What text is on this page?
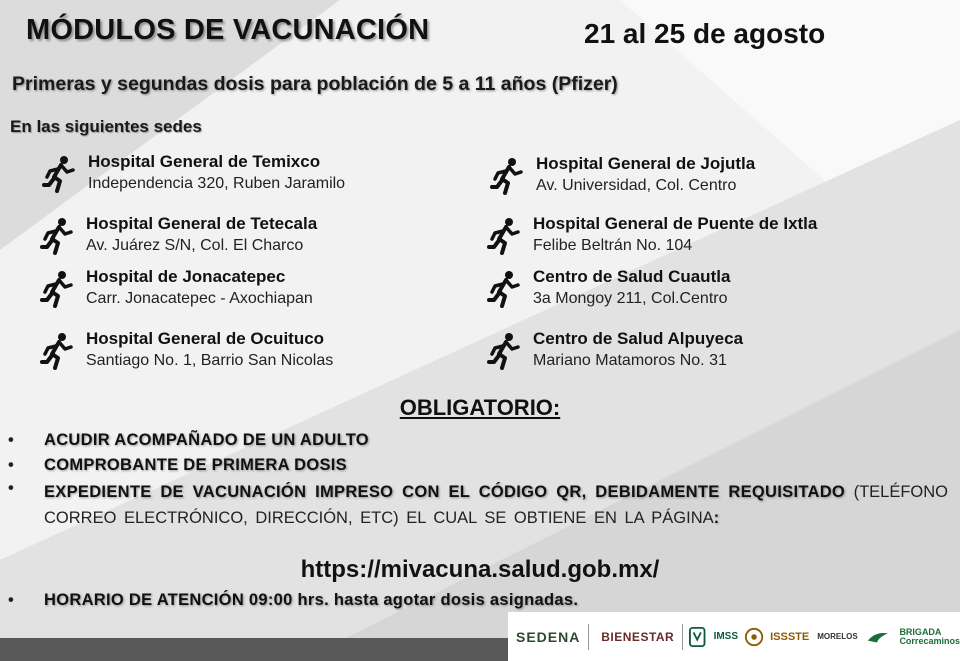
MÓDULOS DE VACUNACIÓN	21 al 25 de agosto
Primeras y segundas dosis para población de 5 a 11 años (Pfizer)
En las siguientes sedes
Hospital General de Temixco
Independencia 320, Ruben Jaramilo
Hospital General de Jojutla
Av. Universidad, Col. Centro
Hospital General de Tetecala
Av. Juárez S/N, Col. El Charco
Hospital General de Puente de Ixtla
Felibe Beltrán No. 104
Hospital de Jonacatepec
Carr. Jonacatepec - Axochiapan
Centro de Salud Cuautla
3a Mongoy 211, Col.Centro
Hospital General de Ocuituco
Santiago No. 1, Barrio San Nicolas
Centro de Salud Alpuyeca
Mariano Matamoros No. 31
OBLIGATORIO:
• ACUDIR ACOMPAÑADO DE UN ADULTO
• COMPROBANTE DE PRIMERA DOSIS
• EXPEDIENTE DE VACUNACIÓN IMPRESO CON EL CÓDIGO QR, DEBIDAMENTE REQUISITADO (TELÉFONO CORREO ELECTRÓNICO, DIRECCIÓN, ETC) EL CUAL SE OBTIENE EN LA PÁGINA:
https://mivacuna.salud.gob.mx/
• HORARIO DE ATENCIÓN 09:00 hrs. hasta agotar dosis asignadas.
SEDENA BIENESTAR	IMSS	ISSSTE MORELOS	BRIGADA
Correcaminos
